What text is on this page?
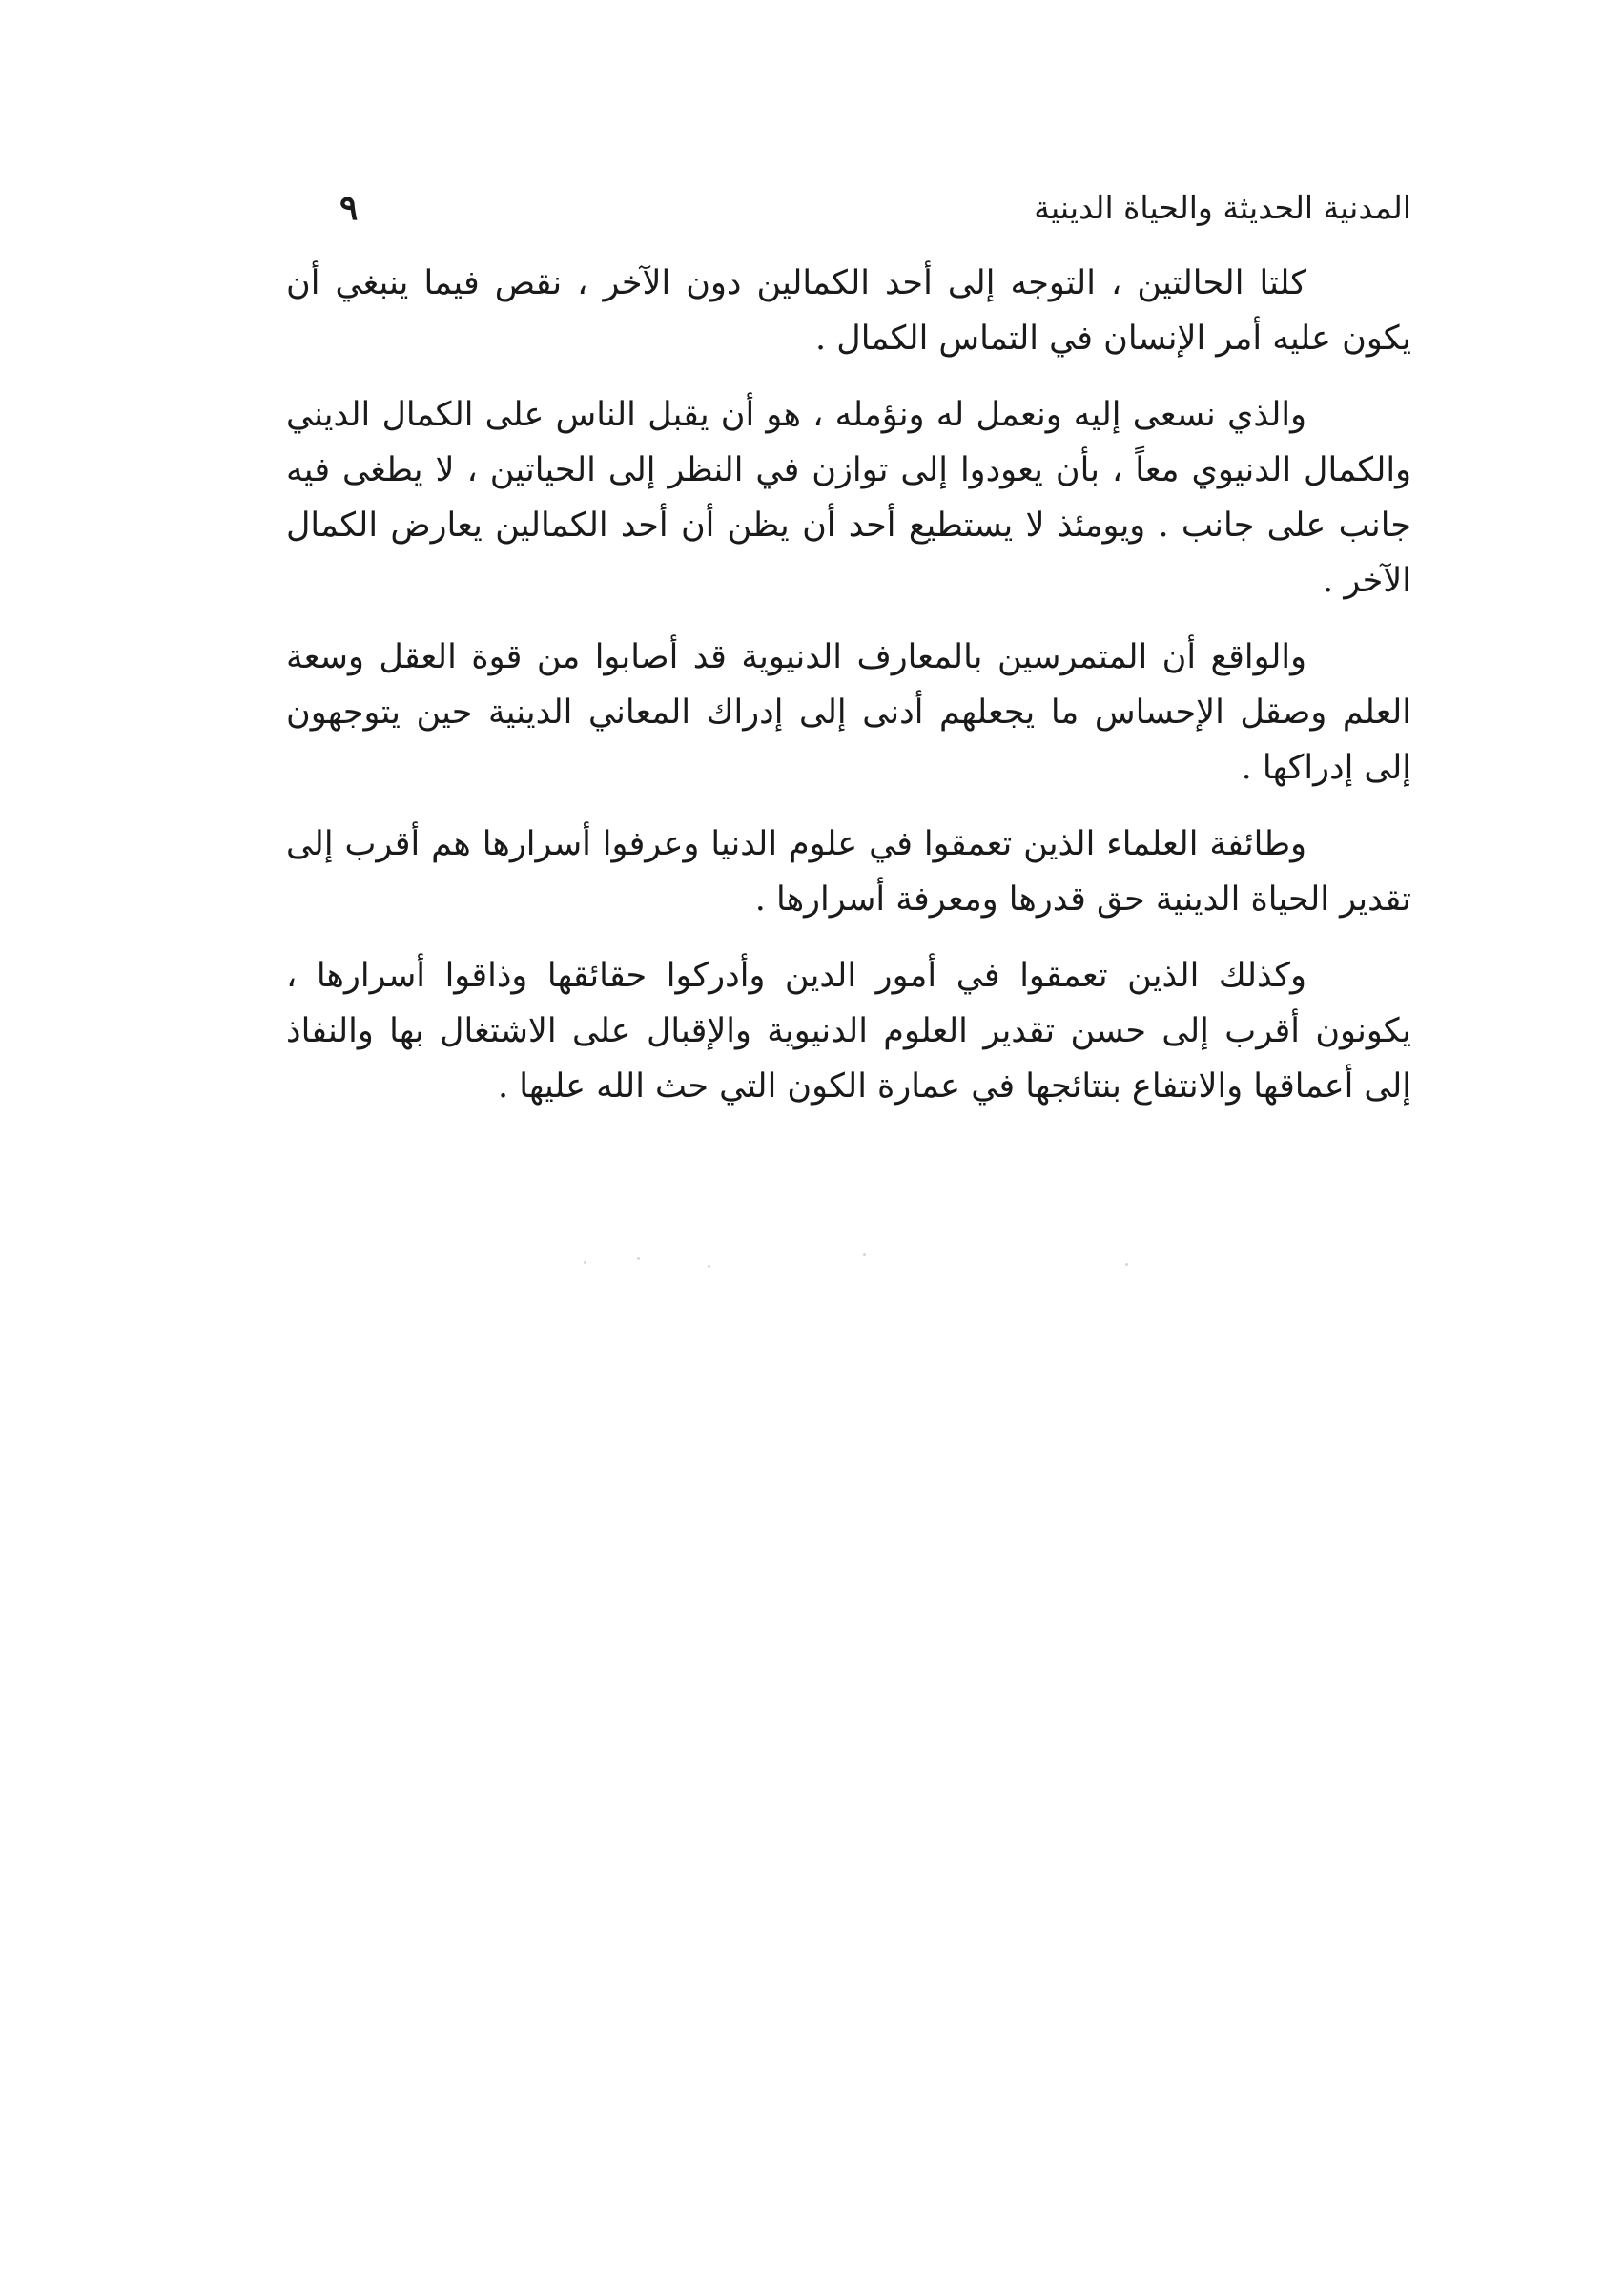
المدنية الحديثة والحياة الدينية
٩

كلتا الحالتين ، التوجه إلى أحد الكمالين دون الآخر ، نقص فيما ينبغي أن يكون عليه أمر الإنسان في التماس الكمال .

والذي نسعى إليه ونعمل له ونؤمله ، هو أن يقبل الناس على الكمال الديني والكمال الدنيوي معاً ، بأن يعودوا إلى توازن في النظر إلى الحياتين ، لا يطغى فيه جانب على جانب . ويومئذ لا يستطيع أحد أن يظن أن أحد الكمالين يعارض الكمال الآخر .

والواقع أن المتمرسين بالمعارف الدنيوية قد أصابوا من قوة العقل وسعة العلم وصقل الإحساس ما يجعلهم أدنى إلى إدراك المعاني الدينية حين يتوجهون إلى إدراكها .

وطائفة العلماء الذين تعمقوا في علوم الدنيا وعرفوا أسرارها هم أقرب إلى تقدير الحياة الدينية حق قدرها ومعرفة أسرارها .

وكذلك الذين تعمقوا في أمور الدين وأدركوا حقائقها وذاقوا أسرارها ، يكونون أقرب إلى حسن تقدير العلوم الدنيوية والإقبال على الاشتغال بها والنفاذ إلى أعماقها والانتفاع بنتائجها في عمارة الكون التي حث الله عليها .
